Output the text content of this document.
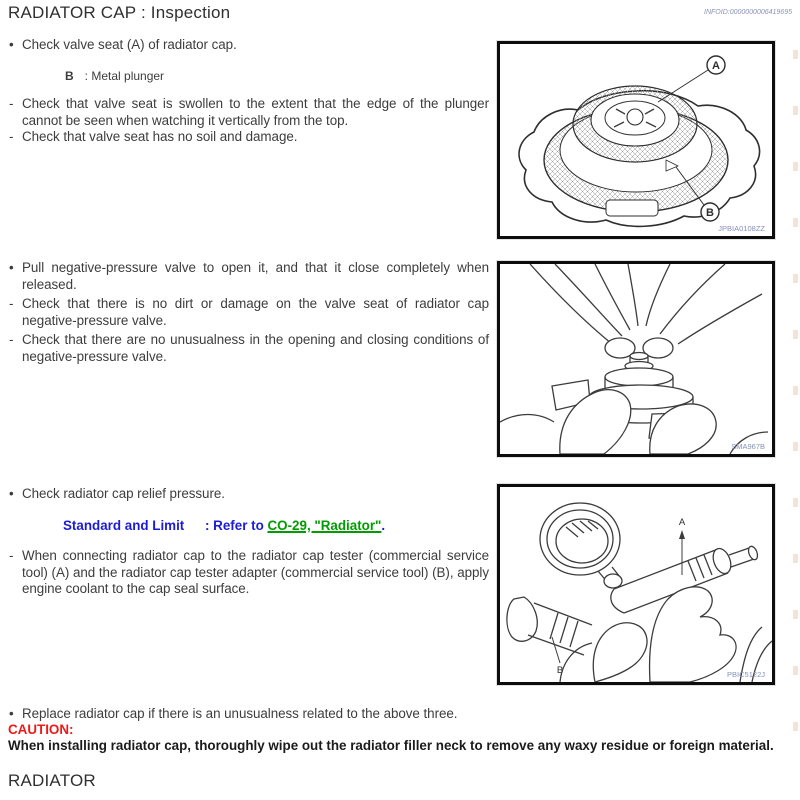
RADIATOR CAP : Inspection	INFOID:0000000006419695
• Check valve seat (A) of radiator cap.
B : Metal plunger
- Check that valve seat is swollen to the extent that the edge of the plunger cannot be seen when watching it vertically from the top.
- Check that valve seat has no soil and damage.
• Pull negative-pressure valve to open it, and that it close completely when released.
- Check that there is no dirt or damage on the valve seat of radiator cap negative-pressure valve.
- Check that there are no unusualness in the opening and closing conditions of negative-pressure valve.
• Check radiator cap relief pressure.
Standard and Limit : Refer to CO-29, "Radiator".
- When connecting radiator cap to the radiator cap tester (commercial service tool) (A) and the radiator cap tester adapter (commercial service tool) (B), apply engine coolant to the cap seal surface.
A
B
JPBIA0108ZZ
SMA967B
A
B	PBIC5122J
• Replace radiator cap if there is an unusualness related to the above three.
CAUTION:
When installing radiator cap, thoroughly wipe out the radiator filler neck to remove any waxy residue or foreign material.
RADIATOR
